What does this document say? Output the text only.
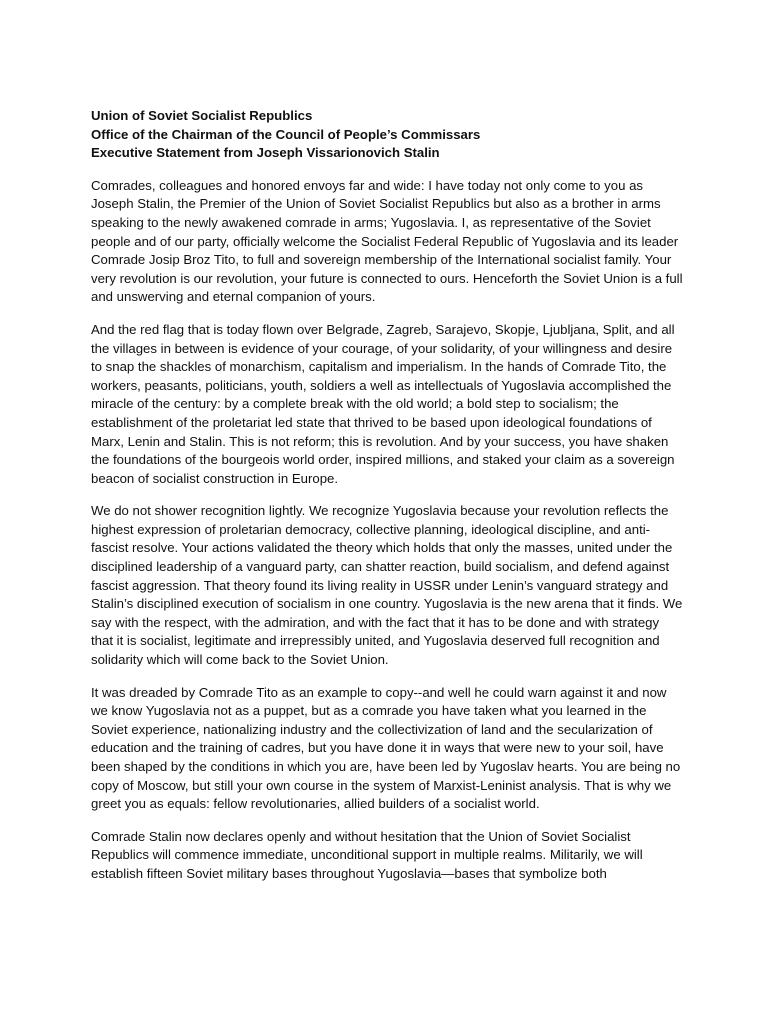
Union of Soviet Socialist Republics

Office of the Chairman of the Council of People’s Commissars

Executive Statement from Joseph Vissarionovich Stalin

Comrades, colleagues and honored envoys far and wide: I have today not only come to you as Joseph Stalin, the Premier of the Union of Soviet Socialist Republics but also as a brother in arms speaking to the newly awakened comrade in arms; Yugoslavia. I, as representative of the Soviet people and of our party, officially welcome the Socialist Federal Republic of Yugoslavia and its leader Comrade Josip Broz Tito, to full and sovereign membership of the International socialist family. Your very revolution is our revolution, your future is connected to ours. Henceforth the Soviet Union is a full and unswerving and eternal companion of yours.

And the red flag that is today flown over Belgrade, Zagreb, Sarajevo, Skopje, Ljubljana, Split, and all the villages in between is evidence of your courage, of your solidarity, of your willingness and desire to snap the shackles of monarchism, capitalism and imperialism. In the hands of Comrade Tito, the workers, peasants, politicians, youth, soldiers a well as intellectuals of Yugoslavia accomplished the miracle of the century: by a complete break with the old world; a bold step to socialism; the establishment of the proletariat led state that thrived to be based upon ideological foundations of Marx, Lenin and Stalin. This is not reform; this is revolution. And by your success, you have shaken the foundations of the bourgeois world order, inspired millions, and staked your claim as a sovereign beacon of socialist construction in Europe.

We do not shower recognition lightly. We recognize Yugoslavia because your revolution reflects the highest expression of proletarian democracy, collective planning, ideological discipline, and anti-fascist resolve. Your actions validated the theory which holds that only the masses, united under the disciplined leadership of a vanguard party, can shatter reaction, build socialism, and defend against fascist aggression. That theory found its living reality in USSR under Lenin’s vanguard strategy and Stalin’s disciplined execution of socialism in one country. Yugoslavia is the new arena that it finds. We say with the respect, with the admiration, and with the fact that it has to be done and with strategy that it is socialist, legitimate and irrepressibly united, and Yugoslavia deserved full recognition and solidarity which will come back to the Soviet Union.

It was dreaded by Comrade Tito as an example to copy--and well he could warn against it and now we know Yugoslavia not as a puppet, but as a comrade you have taken what you learned in the Soviet experience, nationalizing industry and the collectivization of land and the secularization of education and the training of cadres, but you have done it in ways that were new to your soil, have been shaped by the conditions in which you are, have been led by Yugoslav hearts. You are being no copy of Moscow, but still your own course in the system of Marxist-Leninist analysis. That is why we greet you as equals: fellow revolutionaries, allied builders of a socialist world.

Comrade Stalin now declares openly and without hesitation that the Union of Soviet Socialist Republics will commence immediate, unconditional support in multiple realms. Militarily, we will establish fifteen Soviet military bases throughout Yugoslavia—bases that symbolize both
